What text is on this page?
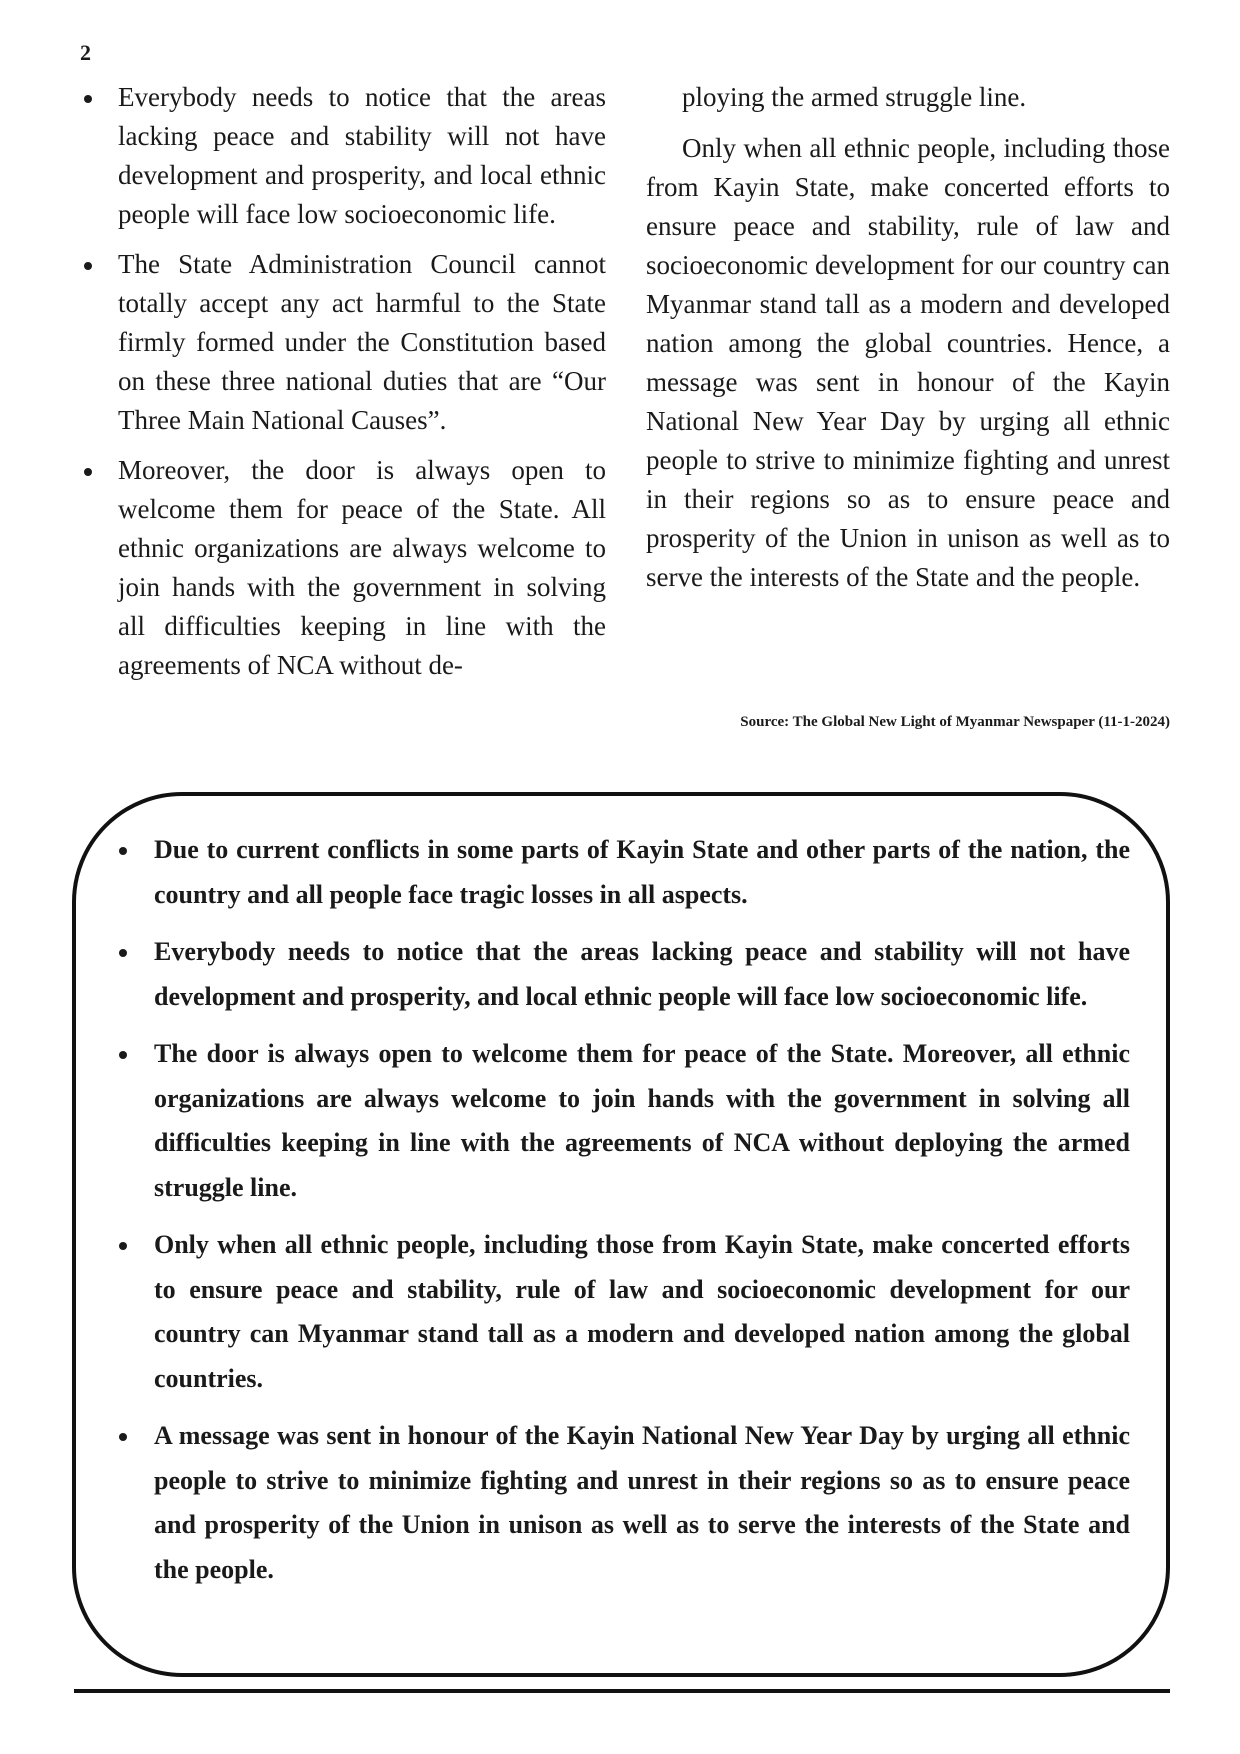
2
Everybody needs to notice that the areas lacking peace and stability will not have development and prosperity, and local ethnic people will face low socioeconomic life.
The State Administration Council cannot totally accept any act harmful to the State firmly formed under the Constitution based on these three national duties that are “Our Three Main National Causes”.
Moreover, the door is always open to welcome them for peace of the State. All ethnic organizations are always welcome to join hands with the government in solving all difficulties keeping in line with the agreements of NCA without de-

ploying the armed struggle line.

Only when all ethnic people, including those from Kayin State, make concerted efforts to ensure peace and stability, rule of law and socioeconomic development for our country can Myanmar stand tall as a modern and developed nation among the global countries. Hence, a message was sent in honour of the Kayin National New Year Day by urging all ethnic people to strive to minimize fighting and unrest in their regions so as to ensure peace and prosperity of the Union in unison as well as to serve the interests of the State and the people.

Source: The Global New Light of Myanmar Newspaper (11-1-2024)
Due to current conflicts in some parts of Kayin State and other parts of the nation, the country and all people face tragic losses in all aspects.
Everybody needs to notice that the areas lacking peace and stability will not have development and prosperity, and local ethnic people will face low socioeconomic life.
The door is always open to welcome them for peace of the State. Moreover, all ethnic organizations are always welcome to join hands with the government in solving all difficulties keeping in line with the agreements of NCA without deploying the armed struggle line.
Only when all ethnic people, including those from Kayin State, make concerted efforts to ensure peace and stability, rule of law and socioeconomic development for our country can Myanmar stand tall as a modern and developed nation among the global countries.
A message was sent in honour of the Kayin National New Year Day by urging all ethnic people to strive to minimize fighting and unrest in their regions so as to ensure peace and prosperity of the Union in unison as well as to serve the interests of the State and the people.
